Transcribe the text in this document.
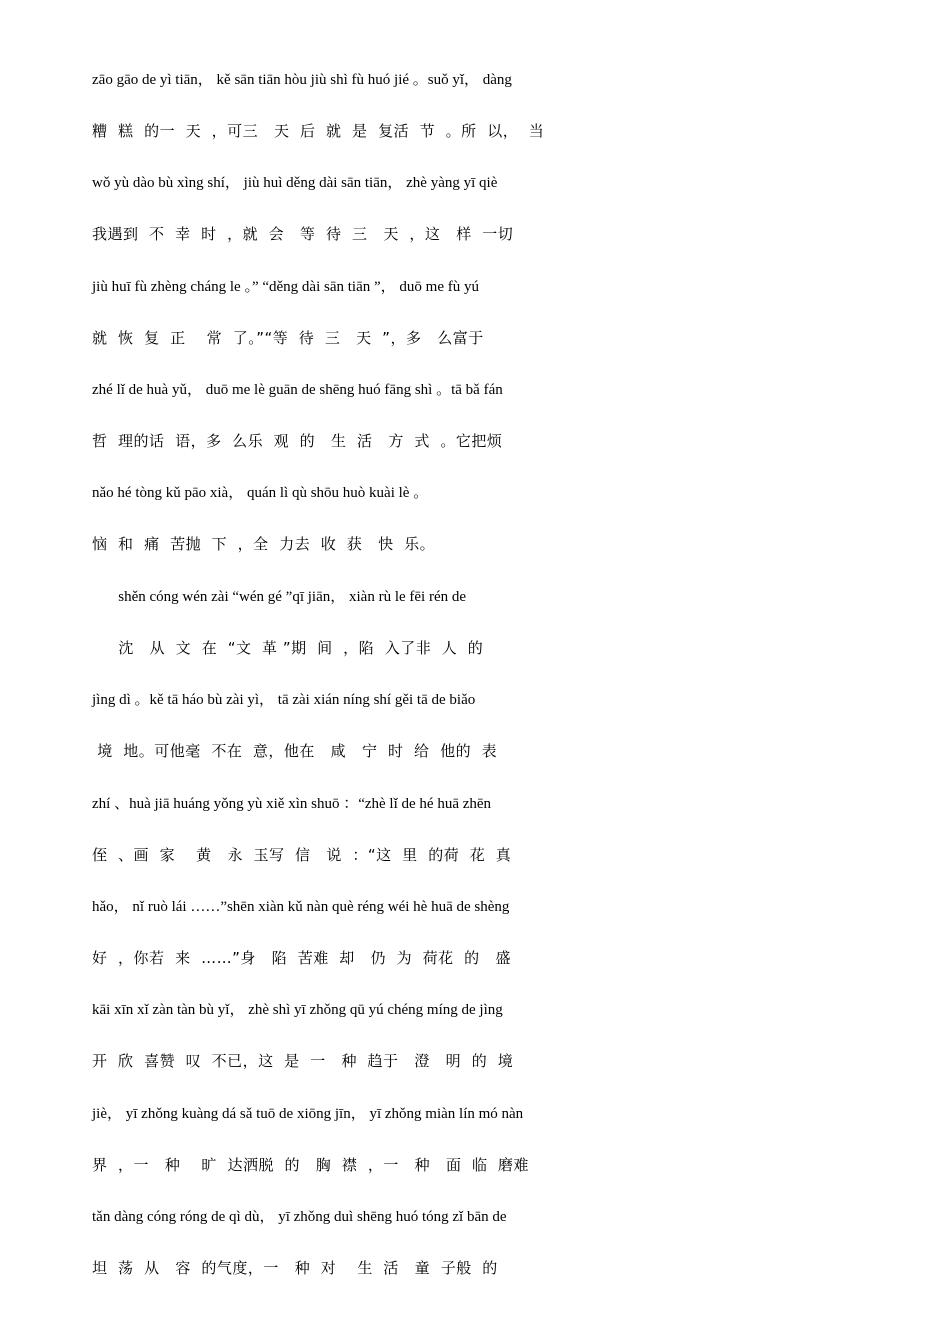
zāo gāo de yì tiān， kě sān tiān hòu jiù shì fù huó jié 。suǒ yǐ， dàng
糟  糕  的一  天  ，可三   天  后  就  是  复活  节  。所  以，  当
wǒ yù dào bù xìng shí， jiù huì děng dài sān tiān， zhè yàng yī qiè
我遇到  不  幸  时  ，就  会   等  待  三   天  ，这   样  一切
jiù huī fù zhèng cháng le 。” “děng dài sān tiān ”， duō me fù yú
就  恢  复  正    常  了。”“等  待  三   天  ”，多   么富于
zhé lǐ de huà yǔ， duō me lè guān de shēng huó fāng shì 。tā bǎ fán
哲  理的话  语，多  么乐  观  的   生  活   方  式  。它把烦
nǎo hé tòng kǔ pāo xià， quán lì qù shōu huò kuài lè 。
恼  和  痛  苦抛  下  ，全  力去  收  获   快  乐。
shěn cóng wén zài “wén gé ”qī jiān， xiàn rù le fēi rén de
沈   从  文  在  “文  革 ”期  间  ，陷  入了非  人  的
jìng dì 。kě tā háo bù zài yì， tā zài xián níng shí gěi tā de biǎo
境  地。可他毫  不在  意，他在   咸   宁  时  给  他的  表
zhí 、huà jiā huáng yǒng yù xiě xìn shuō ：“zhè lǐ de hé huā zhēn
侄  、画  家    黄   永  玉写  信   说  ：“这  里  的荷  花  真
hǎo， nǐ ruò lái ……”shēn xiàn kǔ nàn què réng wéi hè huā de shèng
好  ，你若  来  ……”身   陷  苦难  却   仍  为  荷花  的   盛
kāi xīn xǐ zàn tàn bù yǐ， zhè shì yī zhǒng qū yú chéng míng de jìng
开  欣  喜赞  叹  不已，这  是  一   种  趋于   澄   明  的  境
jiè， yī zhǒng kuàng dá sǎ tuō de xiōng jīn， yī zhǒng miàn lín mó nàn
界  ，一   种    旷  达洒脱  的   胸  襟  ，一   种   面  临  磨难
tǎn dàng cóng róng de qì dù， yī zhǒng duì shēng huó tóng zǐ bān de
坦  荡  从   容  的气度，一   种  对    生  活   童  子般  的
